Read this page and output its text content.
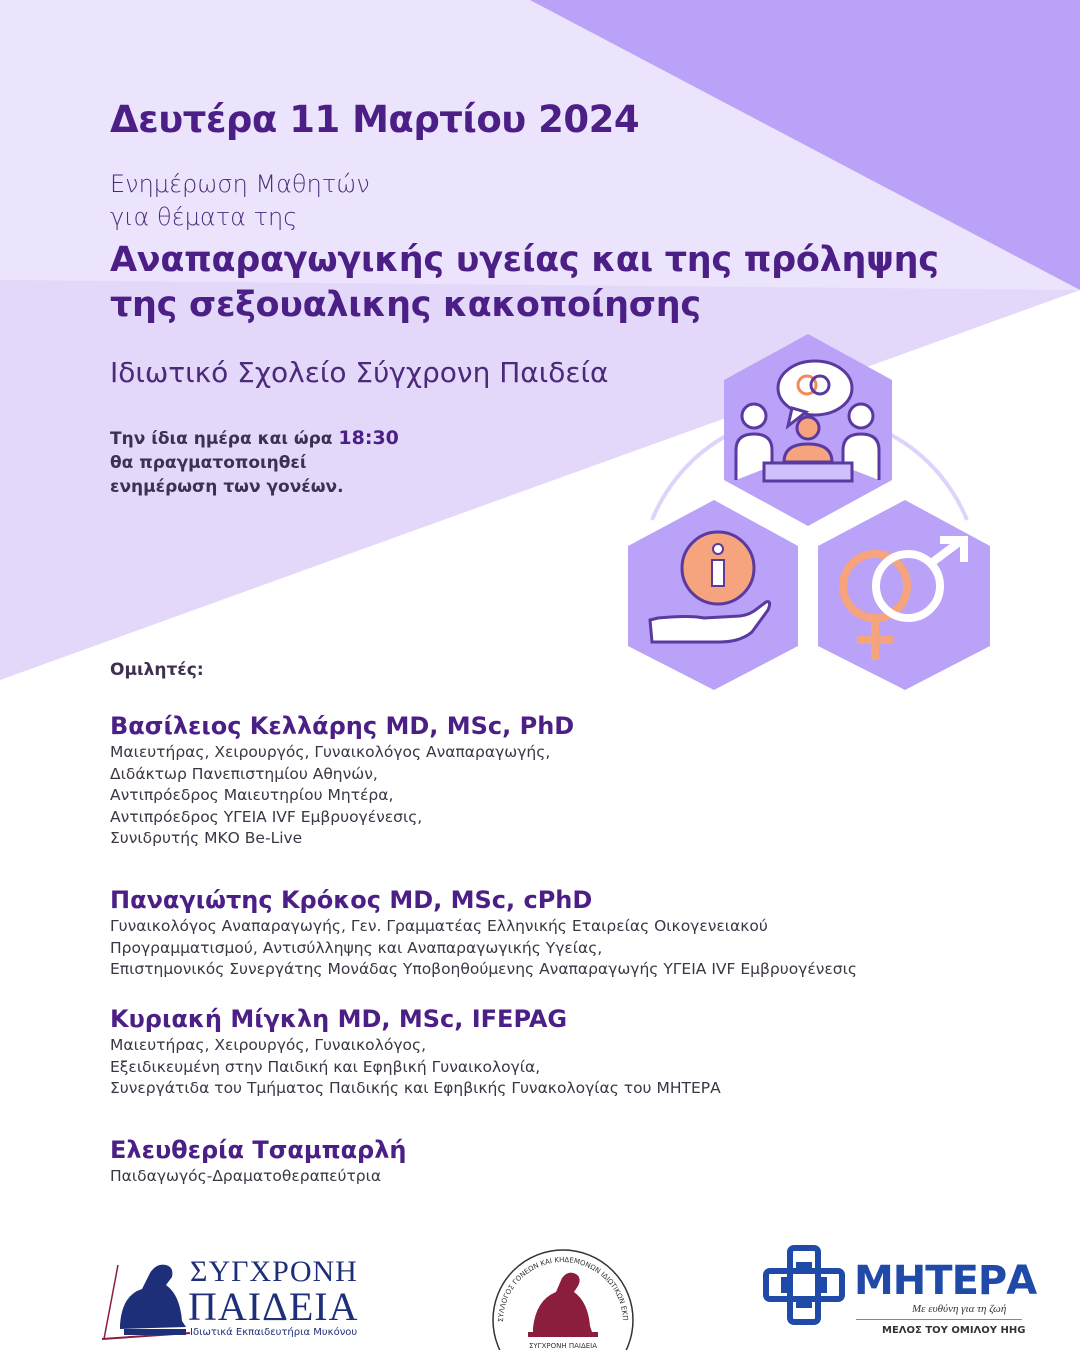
Δευτέρα 11 Μαρτίου 2024
Ενημέρωση Μαθητών
για θέματα της
Αναπαραγωγικής υγείας και της πρόληψης
της σεξουαλικης κακοποίησης
Ιδιωτικό Σχολείο Σύγχρονη Παιδεία
Την ίδια ημέρα και ώρα 18:30
θα πραγματοποιηθεί
ενημέρωση των γονέων.
Ομιλητές:
Βασίλειος Κελλάρης MD, MSc, PhD
Μαιευτήρας, Χειρουργός, Γυναικολόγος Αναπαραγωγής,
Διδάκτωρ Πανεπιστημίου Αθηνών,
Αντιπρόεδρος Μαιευτηρίου Μητέρα,
Αντιπρόεδρος ΥΓΕΙΑ IVF Εμβρυογένεσις,
Συνιδρυτής ΜΚΟ Be-Live
Παναγιώτης Κρόκος MD, MSc, cPhD
Γυναικολόγος Αναπαραγωγής, Γεν. Γραμματέας Ελληνικής Εταιρείας Οικογενειακού
Προγραμματισμού, Αντισύλληψης και Αναπαραγωγικής Υγείας,
Επιστημονικός Συνεργάτης Μονάδας Υποβοηθούμενης Αναπαραγωγής ΥΓΕΙΑ IVF Εμβρυογένεσις
Κυριακή Μίγκλη MD, MSc, IFEPAG
Μαιευτήρας, Χειρουργός, Γυναικολόγος,
Εξειδικευμένη στην Παιδική και Εφηβική Γυναικολογία,
Συνεργάτιδα του Τμήματος Παιδικής και Εφηβικής Γυνακολογίας του ΜΗΤΕΡΑ
Ελευθερία Τσαμπαρλή
Παιδαγωγός-Δραματοθεραπεύτρια
ΣΥΓΧΡΟΝΗ
ΠΑΙΔΕΙΑ
Ιδιωτικά Εκπαιδευτήρια Μυκόνου
ΣΥΛΛΟΓΟΣ ΓΟΝΕΩΝ ΚΑΙ ΚΗΔΕΜΟΝΩΝ ΙΔΙΩΤΙΚΩΝ ΕΚΠ
ΣΥΓΧΡΟΝΗ ΠΑΙΔΕΙΑ
ΜΗΤΕΡΑ
Με ευθύνη για τη ζωή
ΜΕΛΟΣ ΤΟΥ ΟΜΙΛΟΥ HHG
